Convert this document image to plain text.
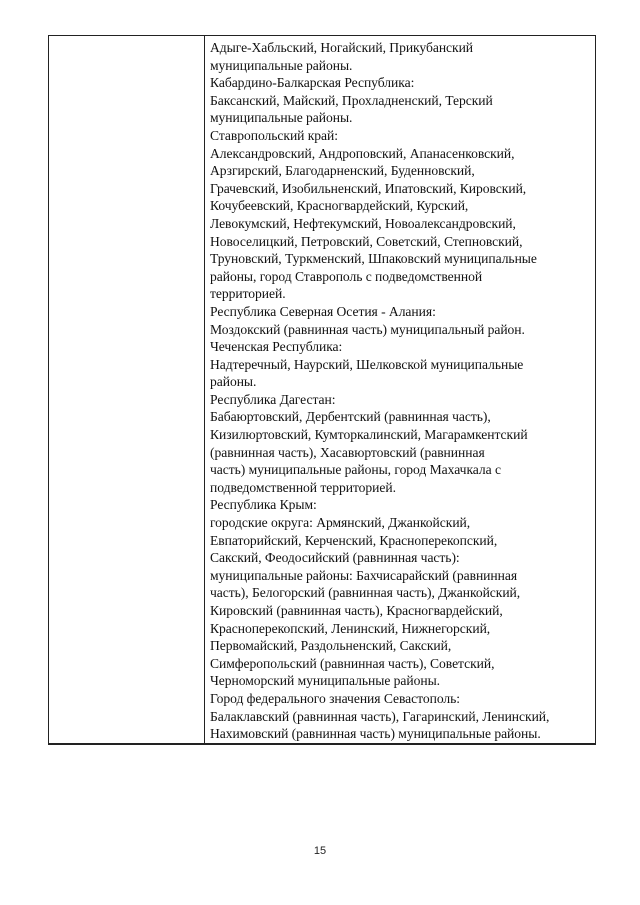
Адыге-Хабльский, Ногайский, Прикубанский
муниципальные районы.
Кабардино-Балкарская Республика:
Баксанский, Майский, Прохладненский, Терский
муниципальные районы.
Ставропольский край:
Александровский, Андроповский, Апанасенковский,
Арзгирский, Благодарненский, Буденновский,
Грачевский, Изобильненский, Ипатовский, Кировский,
Кочубеевский, Красногвардейский, Курский,
Левокумский, Нефтекумский, Новоалександровский,
Новоселицкий, Петровский, Советский, Степновский,
Труновский, Туркменский, Шпаковский муниципальные
районы, город Ставрополь с подведомственной
территорией.
Республика Северная Осетия - Алания:
Моздокский (равнинная часть) муниципальный район.
Чеченская Республика:
Надтеречный, Наурский, Шелковской муниципальные
районы.
Республика Дагестан:
Бабаюртовский, Дербентский (равнинная часть),
Кизилюртовский, Кумторкалинский, Магарамкентский
(равнинная часть), Хасавюртовский (равнинная
часть) муниципальные районы, город Махачкала с
подведомственной территорией.
Республика Крым:
городские округа: Армянский, Джанкойский,
Евпаторийский, Керченский, Красноперекопский,
Сакский, Феодосийский (равнинная часть):
муниципальные районы: Бахчисарайский (равнинная
часть), Белогорский (равнинная часть), Джанкойский,
Кировский (равнинная часть), Красногвардейский,
Красноперекопский, Ленинский, Нижнегорский,
Первомайский, Раздольненский, Сакский,
Симферопольский (равнинная часть), Советский,
Черноморский муниципальные районы.
Город федерального значения Севастополь:
Балаклавский (равнинная часть), Гагаринский, Ленинский,
Нахимовский (равнинная часть) муниципальные районы.
15
